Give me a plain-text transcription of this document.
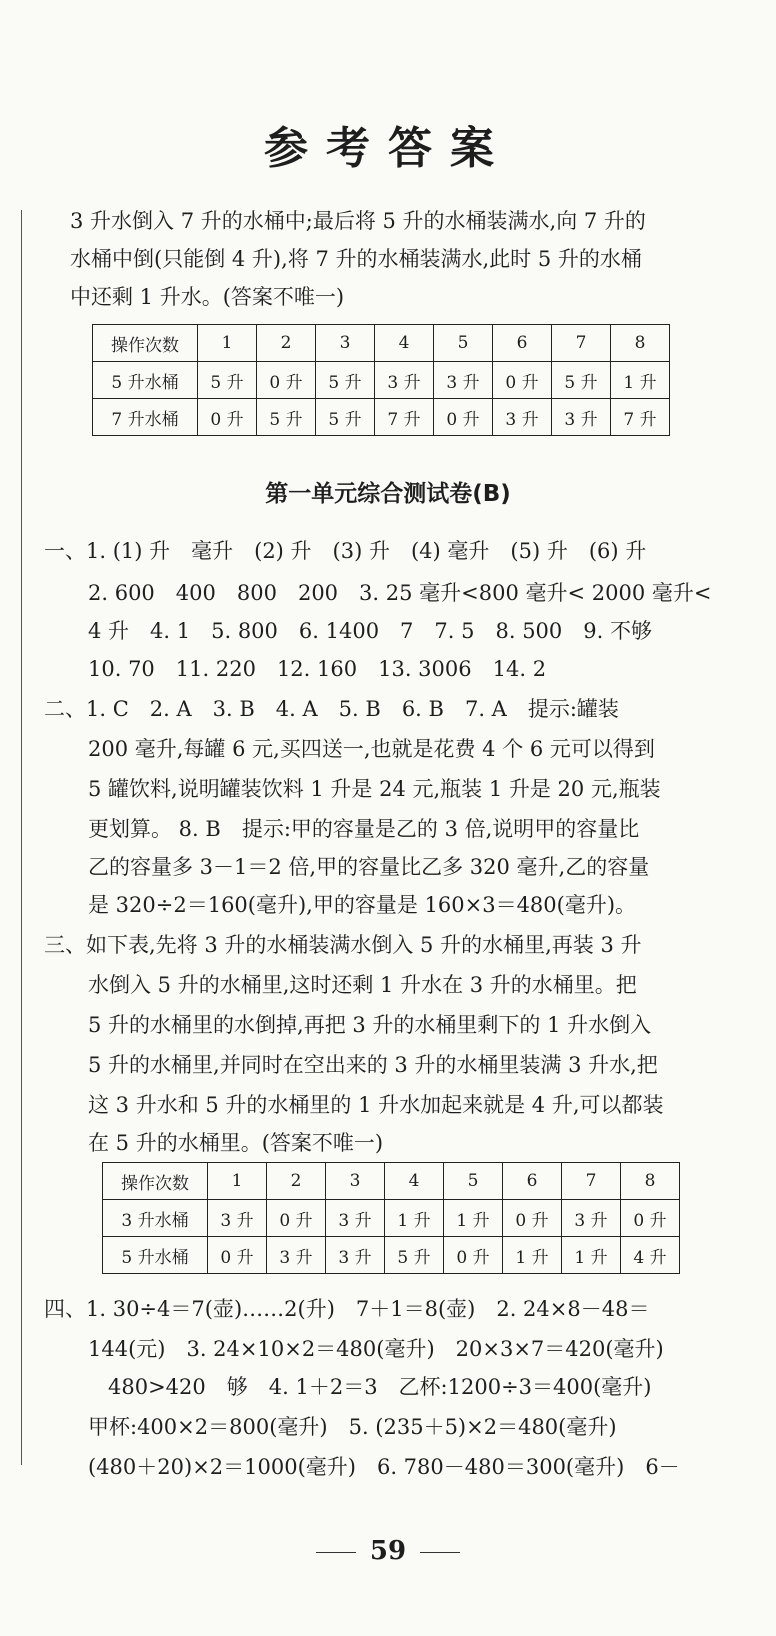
参考答案
3 升水倒入 7 升的水桶中;最后将 5 升的水桶装满水,向 7 升的
水桶中倒(只能倒 4 升),将 7 升的水桶装满水,此时 5 升的水桶
中还剩 1 升水。(答案不唯一)
操作次数	1	2	3	4	5	6	7	8
5 升水桶	5 升	0 升	5 升	3 升	3 升	0 升	5 升	1 升
7 升水桶	0 升	5 升	5 升	7 升	0 升	3 升	3 升	7 升
第一单元综合测试卷(B)
一、1. (1) 升　毫升　(2) 升　(3) 升　(4) 毫升　(5) 升　(6) 升
2. 600　400　800　200　3. 25 毫升<800 毫升< 2000 毫升<
4 升　4. 1　5. 800　6. 1400　7　7. 5　8. 500　9. 不够
10. 70　11. 220　12. 160　13. 3006　14. 2
二、1. C　2. A　3. B　4. A　5. B　6. B　7. A　提示:罐装
200 毫升,每罐 6 元,买四送一,也就是花费 4 个 6 元可以得到
5 罐饮料,说明罐装饮料 1 升是 24 元,瓶装 1 升是 20 元,瓶装
更划算。 8. B　提示:甲的容量是乙的 3 倍,说明甲的容量比
乙的容量多 3－1＝2 倍,甲的容量比乙多 320 毫升,乙的容量
是 320÷2＝160(毫升),甲的容量是 160×3＝480(毫升)。
三、如下表,先将 3 升的水桶装满水倒入 5 升的水桶里,再装 3 升
水倒入 5 升的水桶里,这时还剩 1 升水在 3 升的水桶里。把
5 升的水桶里的水倒掉,再把 3 升的水桶里剩下的 1 升水倒入
5 升的水桶里,并同时在空出来的 3 升的水桶里装满 3 升水,把
这 3 升水和 5 升的水桶里的 1 升水加起来就是 4 升,可以都装
在 5 升的水桶里。(答案不唯一)
操作次数	1	2	3	4	5	6	7	8
3 升水桶	3 升	0 升	3 升	1 升	1 升	0 升	3 升	0 升
5 升水桶	0 升	3 升	3 升	5 升	0 升	1 升	1 升	4 升
四、1. 30÷4＝7(壶)……2(升)　7＋1＝8(壶)　2. 24×8－48＝
144(元)　3. 24×10×2＝480(毫升)　20×3×7＝420(毫升)
480>420　够　4. 1＋2＝3　乙杯:1200÷3＝400(毫升)
甲杯:400×2＝800(毫升)　5. (235＋5)×2＝480(毫升)
(480＋20)×2＝1000(毫升)　6. 780－480＝300(毫升)　6－
59
